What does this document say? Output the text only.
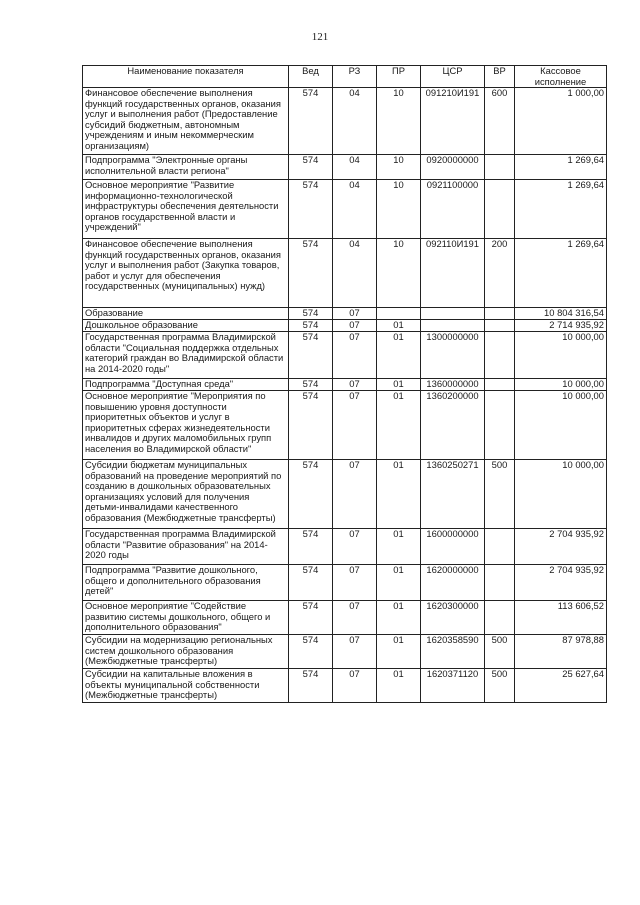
121
Наименование показателя	Вед	РЗ	ПР	ЦСР	ВР	Кассовое исполнение
Финансовое обеспечение выполнения функций государственных органов, оказания услуг и выполнения работ (Предоставление субсидий бюджетным, автономным учреждениям и иным некоммерческим организациям)	574	04	10	091210И191	600	1 000,00
Подпрограмма "Электронные органы исполнительной власти региона"	574	04	10	0920000000		1 269,64
Основное мероприятие "Развитие информационно-технологической инфраструктуры обеспечения деятельности органов государственной власти и учреждений"	574	04	10	0921100000		1 269,64
Финансовое обеспечение выполнения функций государственных органов, оказания услуг и выполнения работ (Закупка товаров, работ и услуг для обеспечения государственных (муниципальных) нужд)	574	04	10	092110И191	200	1 269,64
Образование	574	07				10 804 316,54
Дошкольное образование	574	07	01			2 714 935,92
Государственная программа Владимирской области "Социальная поддержка отдельных категорий граждан во Владимирской области на 2014-2020 годы"	574	07	01	1300000000		10 000,00
Подпрограмма "Доступная среда"	574	07	01	1360000000		10 000,00
Основное мероприятие "Мероприятия по повышению уровня доступности приоритетных объектов и услуг в приоритетных сферах жизнедеятельности инвалидов и других маломобильных групп населения во Владимирской области"	574	07	01	1360200000		10 000,00
Субсидии бюджетам муниципальных образований на проведение мероприятий по созданию в дошкольных образовательных организациях условий для получения детьми-инвалидами качественного образования (Межбюджетные трансферты)	574	07	01	1360250271	500	10 000,00
Государственная программа Владимирской области "Развитие образования" на 2014-2020 годы	574	07	01	1600000000		2 704 935,92
Подпрограмма "Развитие дошкольного, общего и дополнительного образования детей"	574	07	01	1620000000		2 704 935,92
Основное мероприятие "Содействие развитию системы дошкольного, общего и дополнительного образования"	574	07	01	1620300000		113 606,52
Субсидии на модернизацию региональных систем дошкольного образования (Межбюджетные трансферты)	574	07	01	1620358590	500	87 978,88
Субсидии на капитальные вложения в объекты муниципальной собственности (Межбюджетные трансферты)	574	07	01	1620371120	500	25 627,64
